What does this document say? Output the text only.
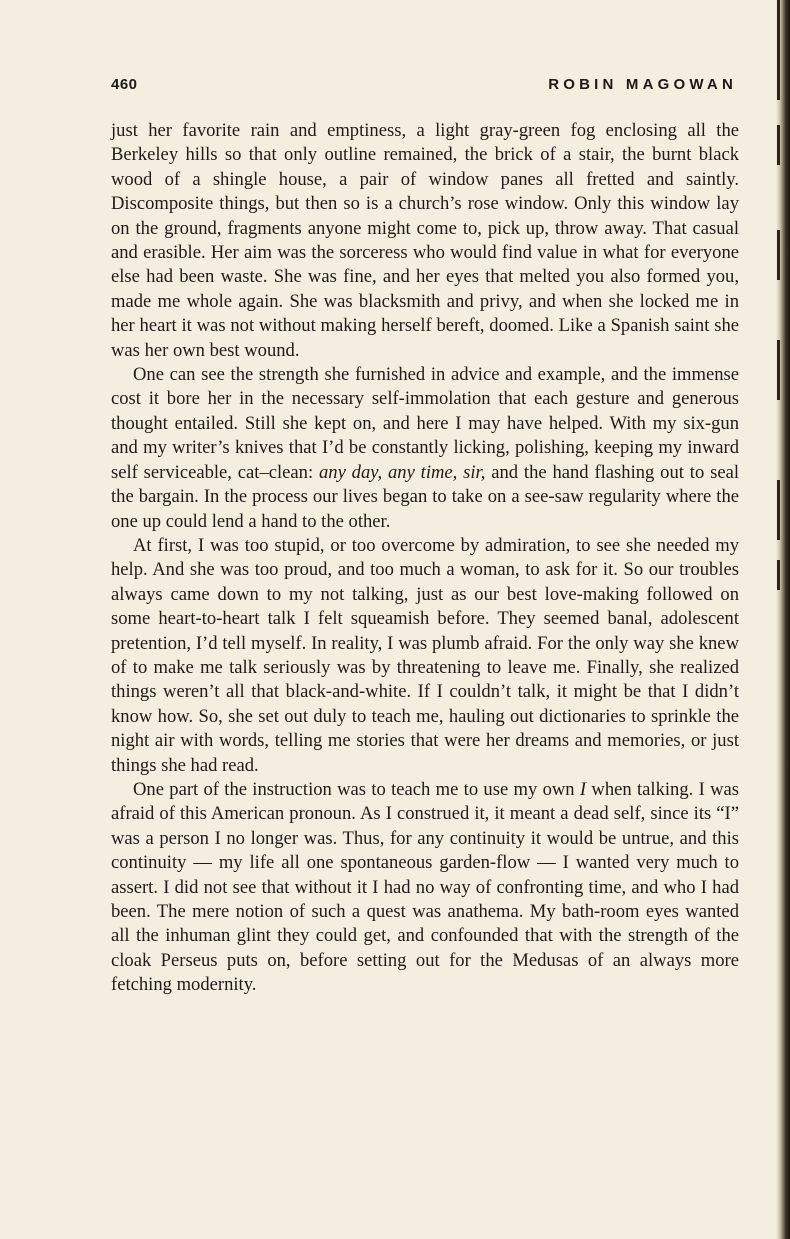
460	ROBIN MAGOWAN

just her favorite rain and emptiness, a light gray-green fog enclosing all the Berkeley hills so that only outline remained, the brick of a stair, the burnt black wood of a shingle house, a pair of window panes all fretted and saintly. Discomposite things, but then so is a church’s rose window. Only this window lay on the ground, fragments anyone might come to, pick up, throw away. That casual and erasible. Her aim was the sorceress who would find value in what for everyone else had been waste. She was fine, and her eyes that melted you also formed you, made me whole again. She was blacksmith and privy, and when she locked me in her heart it was not without making herself bereft, doomed. Like a Spanish saint she was her own best wound.

One can see the strength she furnished in advice and example, and the immense cost it bore her in the necessary self-immolation that each gesture and generous thought entailed. Still she kept on, and here I may have helped. With my six-gun and my writer’s knives that I’d be constantly licking, polishing, keeping my inward self serviceable, cat–clean: any day, any time, sir, and the hand flashing out to seal the bargain. In the process our lives began to take on a see-saw regularity where the one up could lend a hand to the other.

At first, I was too stupid, or too overcome by admiration, to see she needed my help. And she was too proud, and too much a woman, to ask for it. So our troubles always came down to my not talking, just as our best love-making followed on some heart-to-heart talk I felt squeamish before. They seemed banal, adolescent pretention, I’d tell myself. In reality, I was plumb afraid. For the only way she knew of to make me talk seriously was by threatening to leave me. Finally, she realized things weren’t all that black-and-white. If I couldn’t talk, it might be that I didn’t know how. So, she set out duly to teach me, hauling out dictionaries to sprinkle the night air with words, telling me stories that were her dreams and memories, or just things she had read.

One part of the instruction was to teach me to use my own I when talking. I was afraid of this American pronoun. As I construed it, it meant a dead self, since its “I” was a person I no longer was. Thus, for any continuity it would be untrue, and this continuity — my life all one spontaneous garden-flow — I wanted very much to assert. I did not see that without it I had no way of confronting time, and who I had been. The mere notion of such a quest was anathema. My bath-room eyes wanted all the inhuman glint they could get, and confounded that with the strength of the cloak Perseus puts on, before setting out for the Medusas of an always more fetching modernity.
